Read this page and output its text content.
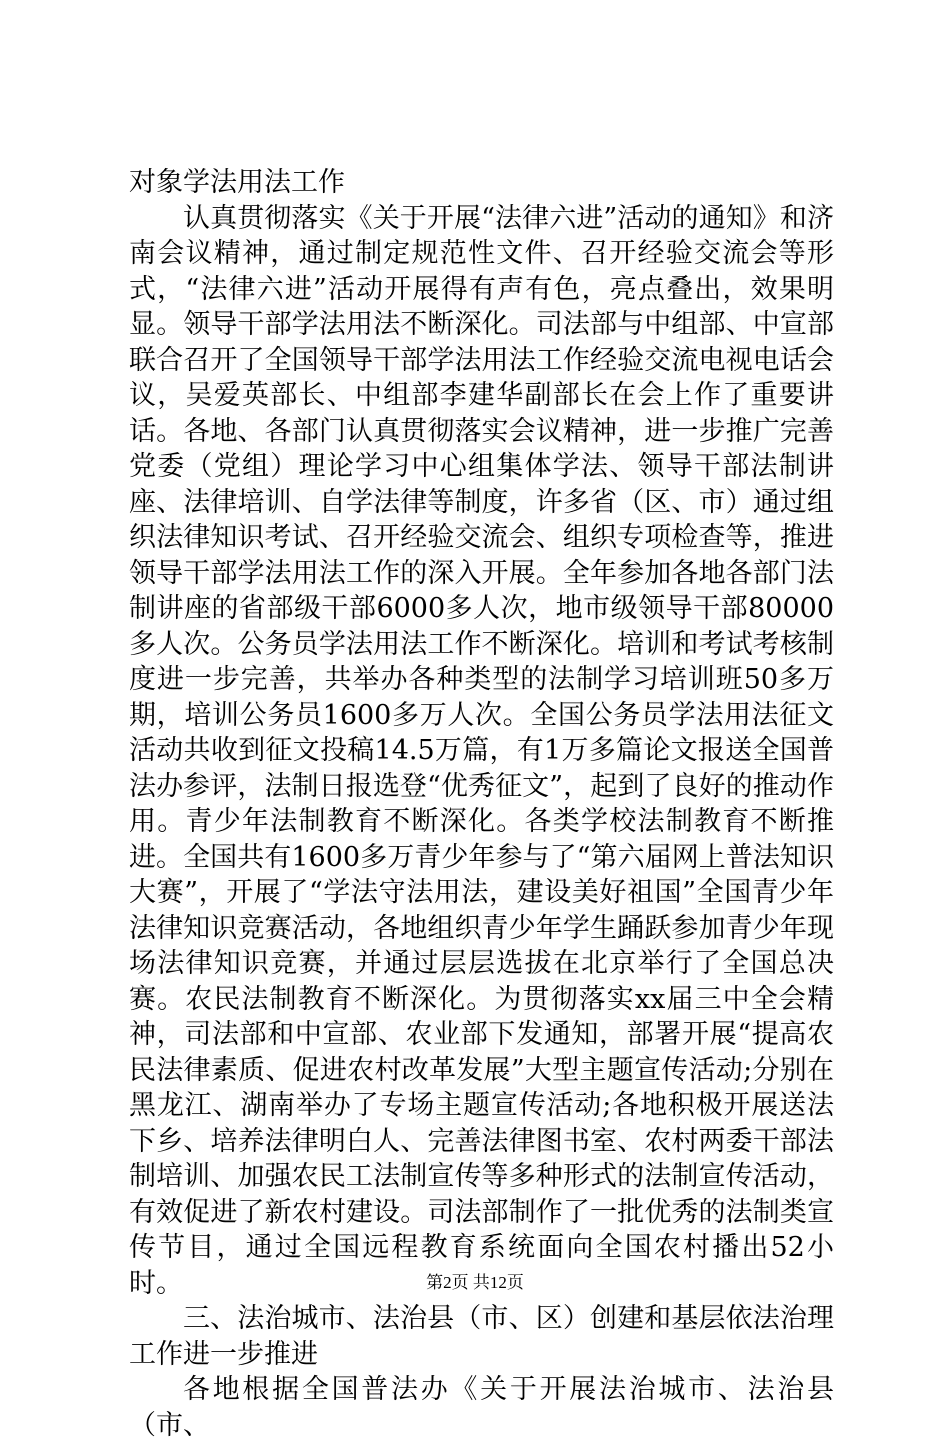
对象学法用法工作

认真贯彻落实《关于开展“法律六进”活动的通知》和济南会议精神，通过制定规范性文件、召开经验交流会等形式，“法律六进”活动开展得有声有色，亮点叠出，效果明显。领导干部学法用法不断深化。司法部与中组部、中宣部联合召开了全国领导干部学法用法工作经验交流电视电话会议，吴爱英部长、中组部李建华副部长在会上作了重要讲话。各地、各部门认真贯彻落实会议精神，进一步推广完善党委（党组）理论学习中心组集体学法、领导干部法制讲座、法律培训、自学法律等制度，许多省（区、市）通过组织法律知识考试、召开经验交流会、组织专项检查等，推进领导干部学法用法工作的深入开展。全年参加各地各部门法制讲座的省部级干部6000多人次，地市级领导干部80000多人次。公务员学法用法工作不断深化。培训和考试考核制度进一步完善，共举办各种类型的法制学习培训班50多万期，培训公务员1600多万人次。全国公务员学法用法征文活动共收到征文投稿14.5万篇，有1万多篇论文报送全国普法办参评，法制日报选登“优秀征文”，起到了良好的推动作用。青少年法制教育不断深化。各类学校法制教育不断推进。全国共有1600多万青少年参与了“第六届网上普法知识大赛”，开展了“学法守法用法，建设美好祖国”全国青少年法律知识竞赛活动，各地组织青少年学生踊跃参加青少年现场法律知识竞赛，并通过层层选拔在北京举行了全国总决赛。农民法制教育不断深化。为贯彻落实xx届三中全会精神，司法部和中宣部、农业部下发通知，部署开展“提高农民法律素质、促进农村改革发展”大型主题宣传活动;分别在黑龙江、湖南举办了专场主题宣传活动;各地积极开展送法下乡、培养法律明白人、完善法律图书室、农村两委干部法制培训、加强农民工法制宣传等多种形式的法制宣传活动，有效促进了新农村建设。司法部制作了一批优秀的法制类宣传节目，通过全国远程教育系统面向全国农村播出52小时。

三、法治城市、法治县（市、区）创建和基层依法治理工作进一步推进

各地根据全国普法办《关于开展法治城市、法治县（市、

第2页 共12页
